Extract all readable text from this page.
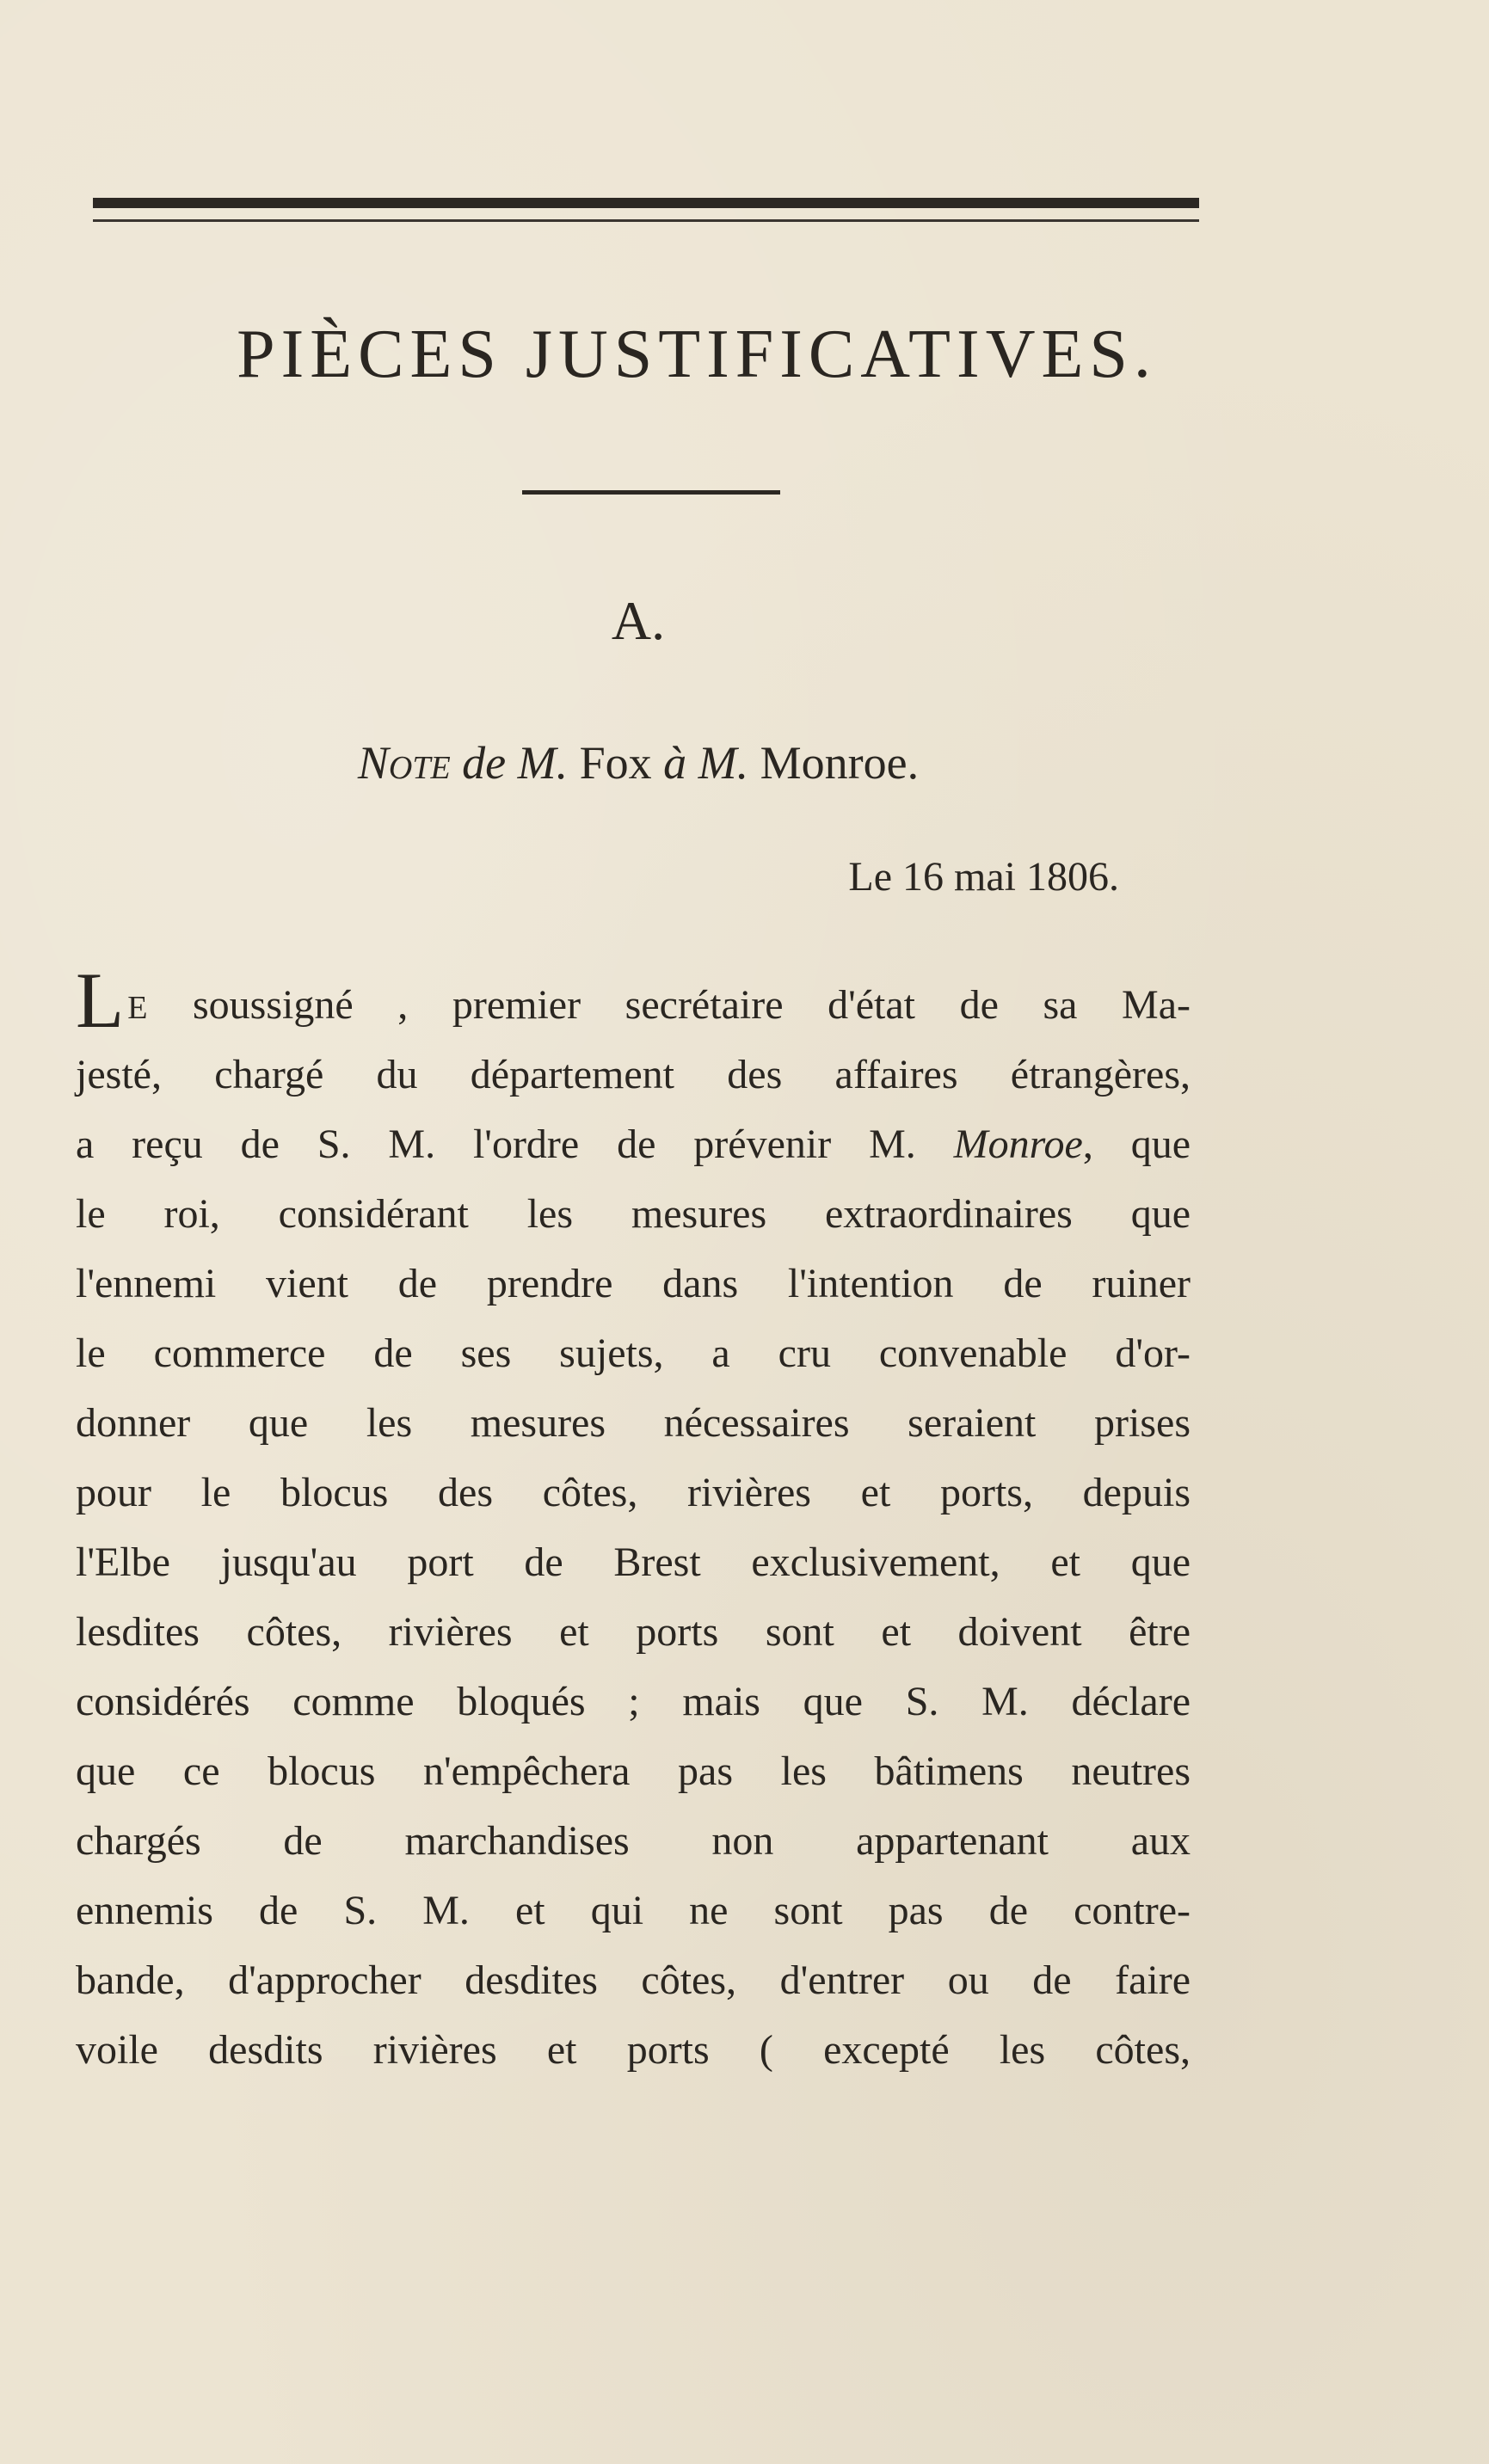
PIÈCES JUSTIFICATIVES.
A.
Note de M. Fox à M. Monroe.
Le 16 mai 1806.
L E soussigné , premier secrétaire d'état de sa Ma-
jesté, chargé du département des affaires étrangères,
a reçu de S. M. l'ordre de prévenir M. Monroe, que
le roi, considérant les mesures extraordinaires que
l'ennemi vient de prendre dans l'intention de ruiner
le commerce de ses sujets, a cru convenable d'or-
donner que les mesures nécessaires seraient prises
pour le blocus des côtes, rivières et ports, depuis
l'Elbe jusqu'au port de Brest exclusivement, et que
lesdites côtes, rivières et ports sont et doivent être
considérés comme bloqués ; mais que S. M. déclare
que ce blocus n'empêchera pas les bâtimens neutres
chargés de marchandises non appartenant aux
ennemis de S. M. et qui ne sont pas de contre-
bande, d'approcher desdites côtes, d'entrer ou de faire
voile desdits rivières et ports ( excepté les côtes,
